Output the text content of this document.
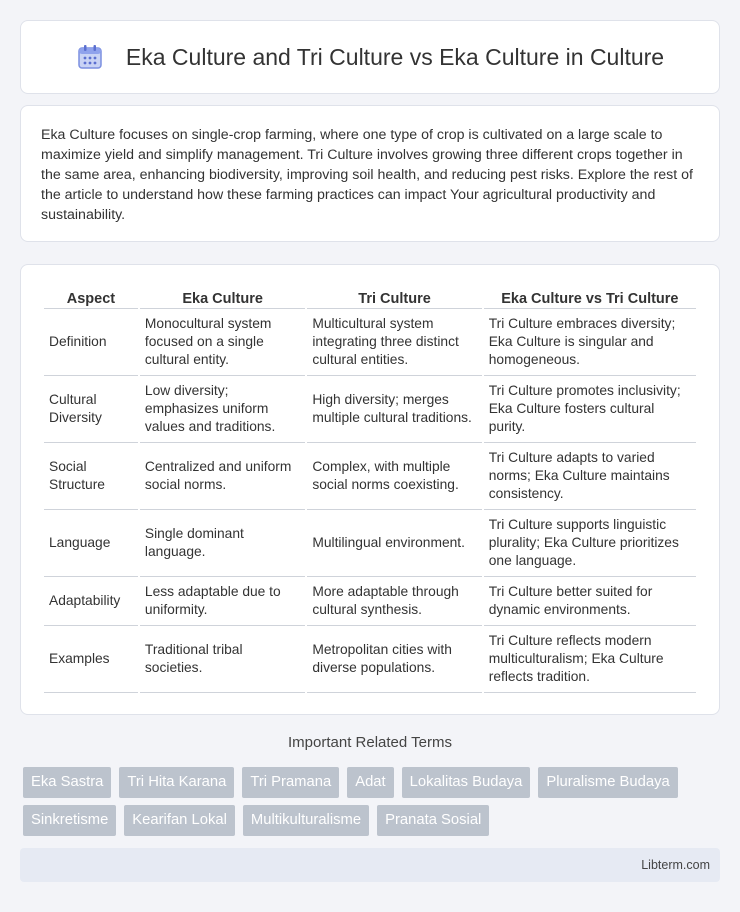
Eka Culture and Tri Culture vs Eka Culture in Culture

Eka Culture focuses on single-crop farming, where one type of crop is cultivated on a large scale to maximize yield and simplify management. Tri Culture involves growing three different crops together in the same area, enhancing biodiversity, improving soil health, and reducing pest risks. Explore the rest of the article to understand how these farming practices can impact Your agricultural productivity and sustainability.

Aspect	Eka Culture	Tri Culture	Eka Culture vs Tri Culture
Definition	Monocultural system focused on a single cultural entity.	Multicultural system integrating three distinct cultural entities.	Tri Culture embraces diversity; Eka Culture is singular and homogeneous.
Cultural Diversity	Low diversity; emphasizes uniform values and traditions.	High diversity; merges multiple cultural traditions.	Tri Culture promotes inclusivity; Eka Culture fosters cultural purity.
Social Structure	Centralized and uniform social norms.	Complex, with multiple social norms coexisting.	Tri Culture adapts to varied norms; Eka Culture maintains consistency.
Language	Single dominant language.	Multilingual environment.	Tri Culture supports linguistic plurality; Eka Culture prioritizes one language.
Adaptability	Less adaptable due to uniformity.	More adaptable through cultural synthesis.	Tri Culture better suited for dynamic environments.
Examples	Traditional tribal societies.	Metropolitan cities with diverse populations.	Tri Culture reflects modern multiculturalism; Eka Culture reflects tradition.
Important Related Terms
Eka Sastra	Tri Hita Karana	Tri Pramana	Adat	Lokalitas Budaya	Pluralisme Budaya
Sinkretisme	Kearifan Lokal	Multikulturalisme	Pranata Sosial
Libterm.com
